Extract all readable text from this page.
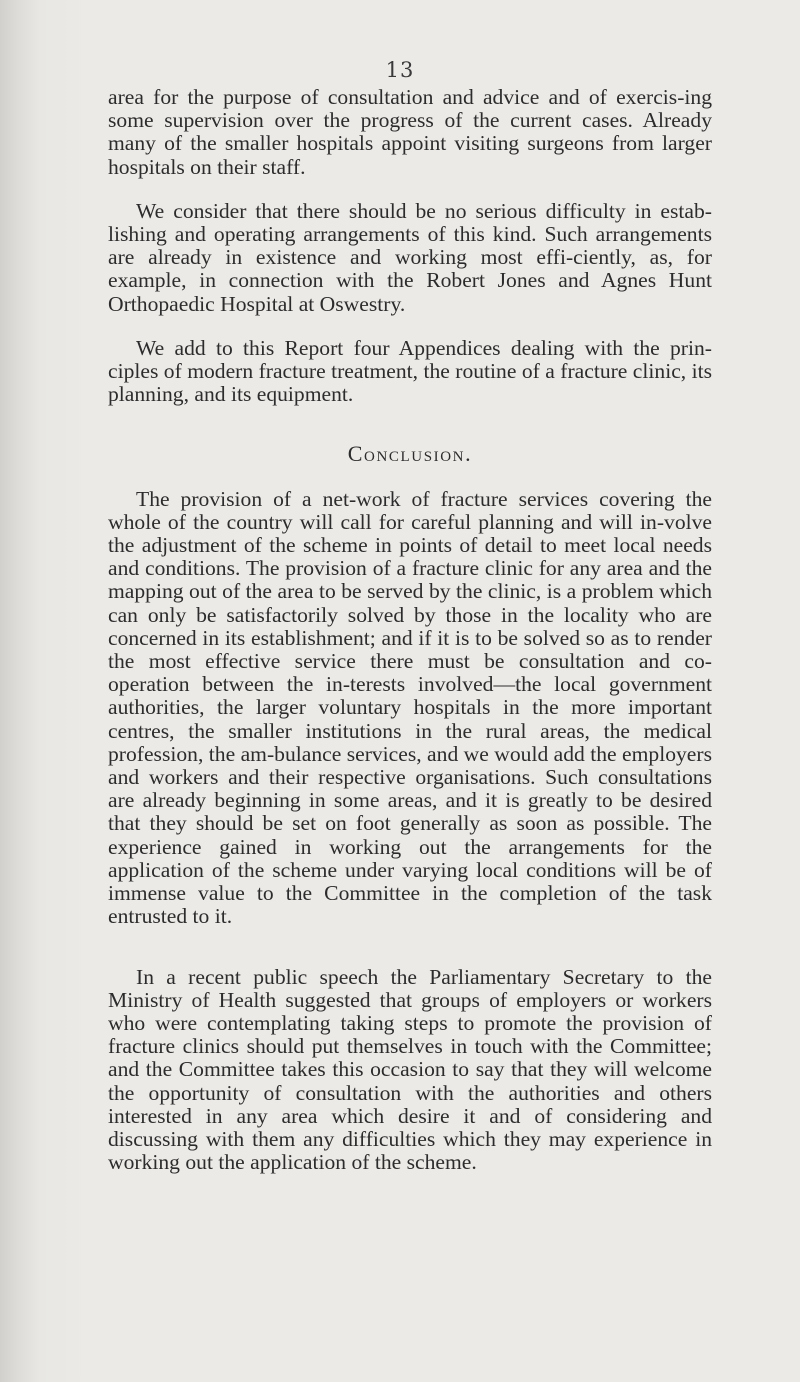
13

area for the purpose of consultation and advice and of exercis-ing some supervision over the progress of the current cases. Already many of the smaller hospitals appoint visiting surgeons from larger hospitals on their staff.

We consider that there should be no serious difficulty in estab-lishing and operating arrangements of this kind. Such arrangements are already in existence and working most effi-ciently, as, for example, in connection with the Robert Jones and Agnes Hunt Orthopaedic Hospital at Oswestry.

We add to this Report four Appendices dealing with the prin-ciples of modern fracture treatment, the routine of a fracture clinic, its planning, and its equipment.

Conclusion.

The provision of a net-work of fracture services covering the whole of the country will call for careful planning and will in-volve the adjustment of the scheme in points of detail to meet local needs and conditions. The provision of a fracture clinic for any area and the mapping out of the area to be served by the clinic, is a problem which can only be satisfactorily solved by those in the locality who are concerned in its establishment; and if it is to be solved so as to render the most effective service there must be consultation and co-operation between the in-terests involved—the local government authorities, the larger voluntary hospitals in the more important centres, the smaller institutions in the rural areas, the medical profession, the am-bulance services, and we would add the employers and workers and their respective organisations. Such consultations are already beginning in some areas, and it is greatly to be desired that they should be set on foot generally as soon as possible. The experience gained in working out the arrangements for the application of the scheme under varying local conditions will be of immense value to the Committee in the completion of the task entrusted to it.

In a recent public speech the Parliamentary Secretary to the Ministry of Health suggested that groups of employers or workers who were contemplating taking steps to promote the provision of fracture clinics should put themselves in touch with the Committee; and the Committee takes this occasion to say that they will welcome the opportunity of consultation with the authorities and others interested in any area which desire it and of considering and discussing with them any difficulties which they may experience in working out the application of the scheme.
